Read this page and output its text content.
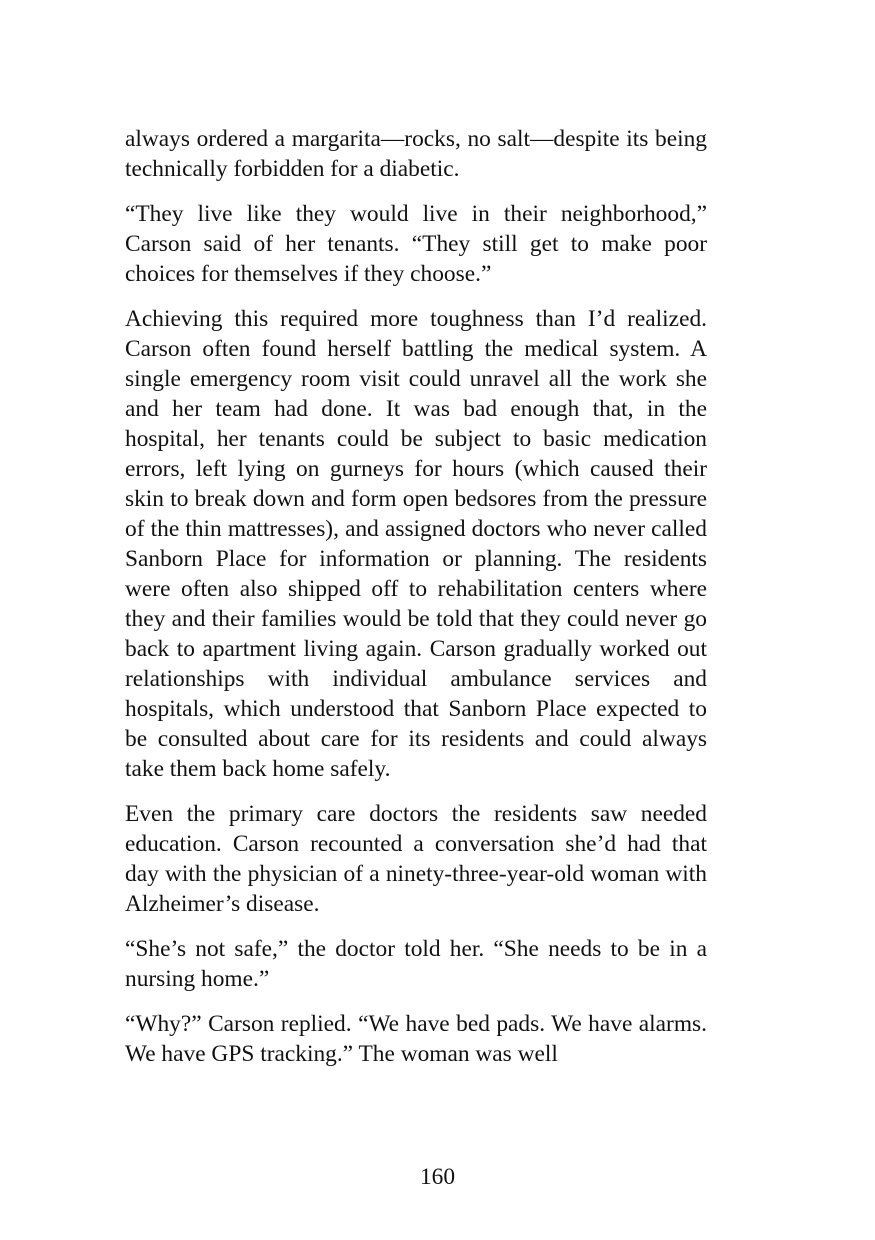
always ordered a margarita—rocks, no salt—despite its being technically forbidden for a diabetic.

“They live like they would live in their neighborhood,” Carson said of her tenants. “They still get to make poor choices for themselves if they choose.”

Achieving this required more toughness than I’d realized. Carson often found herself battling the medical system. A single emergency room visit could unravel all the work she and her team had done. It was bad enough that, in the hospital, her tenants could be subject to basic medication errors, left lying on gurneys for hours (which caused their skin to break down and form open bedsores from the pressure of the thin mattresses), and assigned doctors who never called Sanborn Place for information or planning. The residents were often also shipped off to rehabilitation centers where they and their families would be told that they could never go back to apartment living again. Carson gradually worked out relationships with individual ambulance services and hospitals, which understood that Sanborn Place expected to be consulted about care for its residents and could always take them back home safely.

Even the primary care doctors the residents saw needed education. Carson recounted a conversation she’d had that day with the physician of a ninety-three-year-old woman with Alzheimer’s disease.

“She’s not safe,” the doctor told her. “She needs to be in a nursing home.”

“Why?” Carson replied. “We have bed pads. We have alarms. We have GPS tracking.” The woman was well

160
